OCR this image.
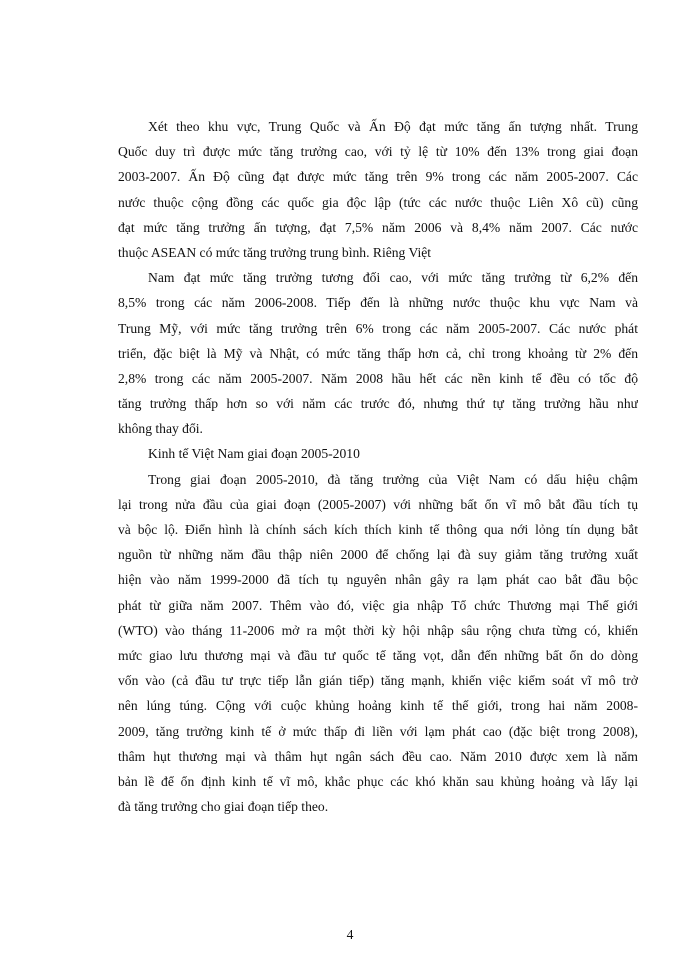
Xét theo khu vực, Trung Quốc và Ấn Độ đạt mức tăng ấn tượng nhất. Trung
Quốc duy trì được mức tăng trưởng cao, với tỷ lệ từ 10% đến 13% trong giai đoạn
2003-2007. Ấn Độ cũng đạt được mức tăng trên 9% trong các năm 2005-2007. Các
nước thuộc cộng đồng các quốc gia độc lập (tức các nước thuộc Liên Xô cũ) cũng
đạt mức tăng trưởng ấn tượng, đạt 7,5% năm 2006 và 8,4% năm 2007. Các nước
thuộc ASEAN có mức tăng trưởng trung bình. Riêng Việt
Nam đạt mức tăng trưởng tương đối cao, với mức tăng trưởng từ 6,2% đến
8,5% trong các năm 2006-2008. Tiếp đến là những nước thuộc khu vực Nam và
Trung Mỹ, với mức tăng trưởng trên 6% trong các năm 2005-2007. Các nước phát
triển, đặc biệt là Mỹ và Nhật, có mức tăng thấp hơn cả, chỉ trong khoảng từ 2% đến
2,8% trong các năm 2005-2007. Năm 2008 hầu hết các nền kinh tế đều có tốc độ
tăng trưởng thấp hơn so với năm các trước đó, nhưng thứ tự tăng trưởng hầu như
không thay đổi.
Kinh tế Việt Nam giai đoạn 2005-2010
Trong giai đoạn 2005-2010, đà tăng trưởng của Việt Nam có dấu hiệu chậm
lại trong nửa đầu của giai đoạn (2005-2007) với những bất ổn vĩ mô bắt đầu tích tụ
và bộc lộ. Điển hình là chính sách kích thích kinh tế thông qua nới lỏng tín dụng bắt
nguồn từ những năm đầu thập niên 2000 để chống lại đà suy giảm tăng trưởng xuất
hiện vào năm 1999-2000 đã tích tụ nguyên nhân gây ra lạm phát cao bắt đầu bộc
phát từ giữa năm 2007. Thêm vào đó, việc gia nhập Tổ chức Thương mại Thế giới
(WTO) vào tháng 11-2006 mở ra một thời kỳ hội nhập sâu rộng chưa từng có, khiến
mức giao lưu thương mại và đầu tư quốc tế tăng vọt, dẫn đến những bất ổn do dòng
vốn vào (cả đầu tư trực tiếp lẫn gián tiếp) tăng mạnh, khiến việc kiểm soát vĩ mô trở
nên lúng túng. Cộng với cuộc khủng hoảng kinh tế thế giới, trong hai năm 2008-
2009, tăng trưởng kinh tế ở mức thấp đi liền với lạm phát cao (đặc biệt trong 2008),
thâm hụt thương mại và thâm hụt ngân sách đều cao. Năm 2010 được xem là năm
bản lề để ổn định kinh tế vĩ mô, khắc phục các khó khăn sau khủng hoảng và lấy lại
đà tăng trưởng cho giai đoạn tiếp theo.
4
